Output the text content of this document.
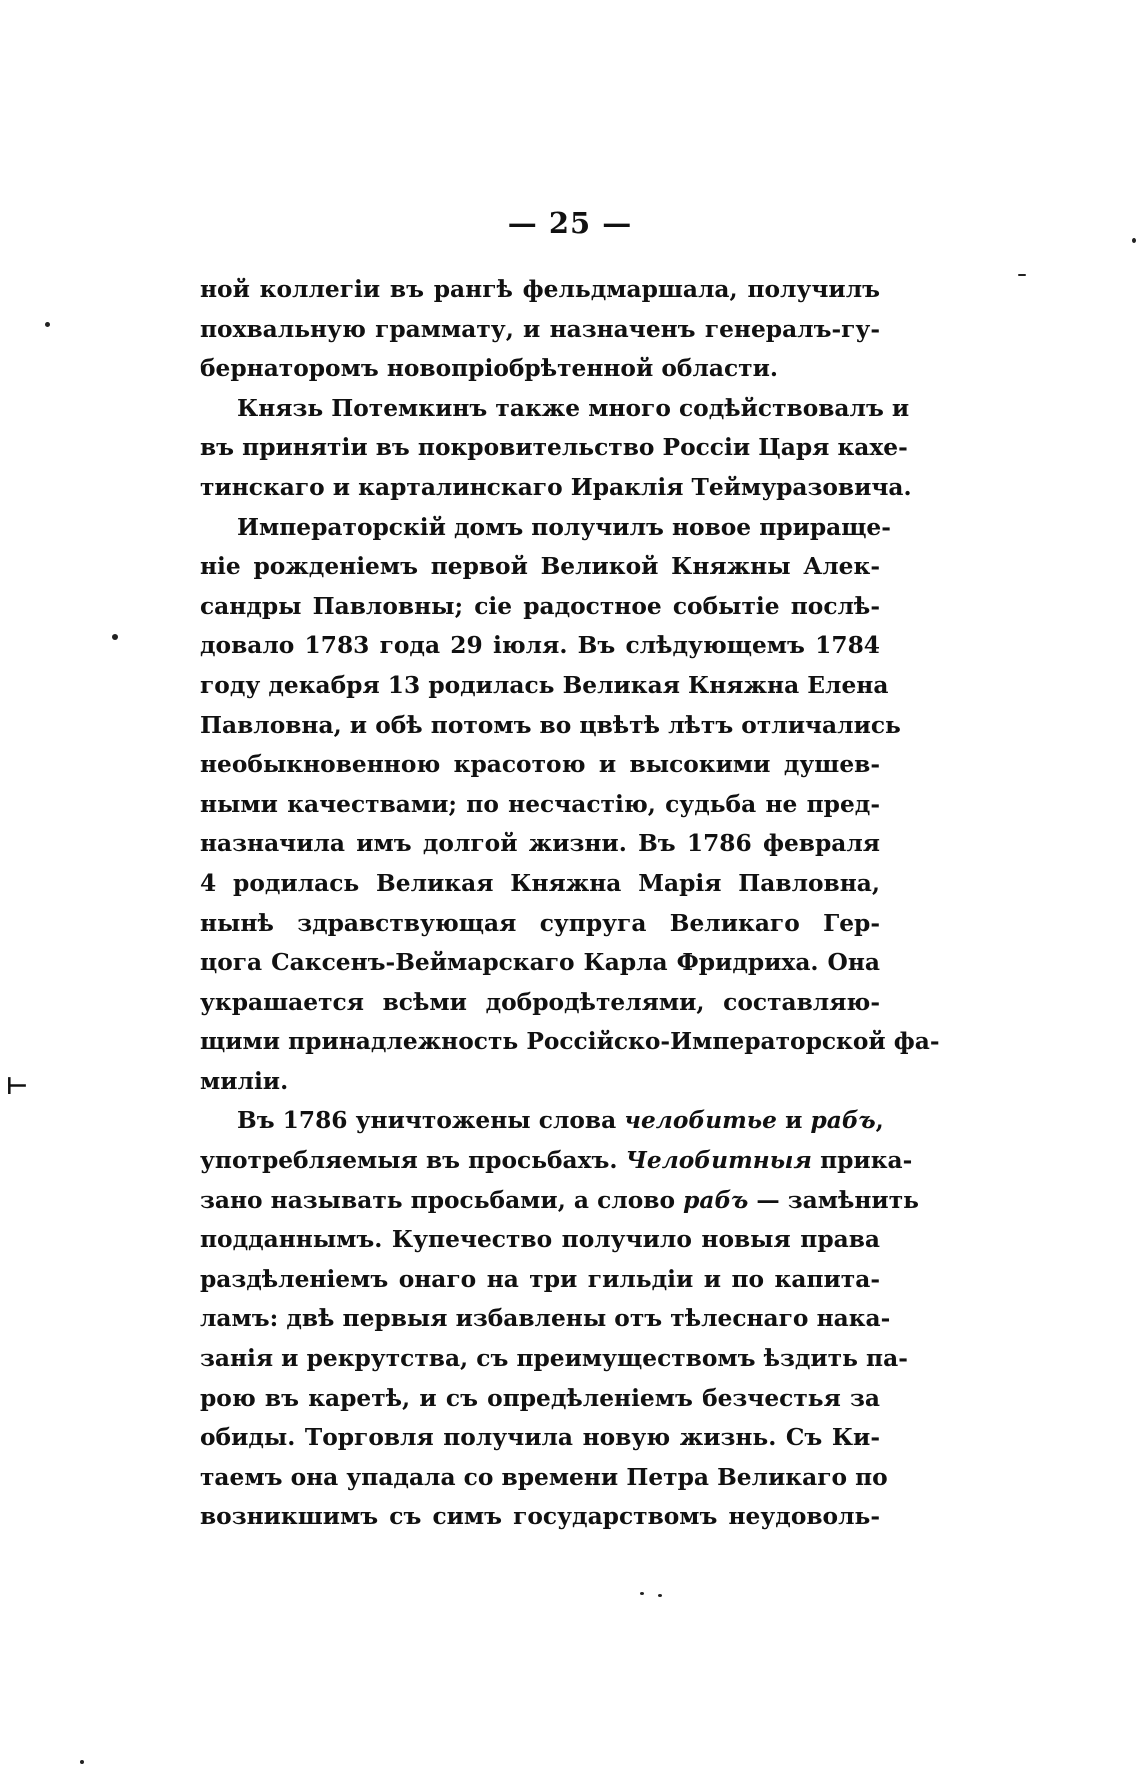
— 25 —
ной коллегіи въ рангѣ фельдмаршала, получилъ
похвальную граммату, и назначенъ генералъ-гу-
бернаторомъ новопріобрѣтенной области.
Князь Потемкинъ также много содѣйствовалъ и
въ принятіи въ покровительство Россіи Царя кахе-
тинскаго и карталинскаго Ираклія Теймуразовича.
Императорскій домъ получилъ новое приращe-
ніе рожденіемъ первой Великой Княжны Алек-
сандры Павловны; сіе радостное событіе послѣ-
довало 1783 года 29 іюля. Въ слѣдующемъ 1784
году декабря 13 родилась Великая Княжна Елена
Павловна, и обѣ потомъ во цвѣтѣ лѣтъ отличались
необыкновенною красотою и высокими душев-
ными качествами; по несчастію, судьба не пред-
назначила имъ долгой жизни. Въ 1786 февраля
4 родилась Великая Княжна Марія Павловна,
нынѣ здравствующая супруга Великаго Гер-
цога Саксенъ-Веймарскаго Карла Фридриха. Она
украшается всѣми добродѣтелями, составляю-
щими принадлежность Россійско-Императорской фа-
миліи.
Въ 1786 уничтожены слова челобитье и рабъ,
употребляемыя въ просьбахъ. Челобитныя прика-
зано называть просьбами, а слово рабъ — замѣнить
подданнымъ. Купечество получило новыя права
раздѣленіемъ онаго на три гильдіи и по капита-
ламъ: двѣ первыя избавлены отъ тѣлеснаго нака-
занія и рекрутства, съ преимуществомъ ѣздить па-
рою въ каретѣ, и съ опредѣленіемъ безчестья за
обиды. Торговля получила новую жизнь. Съ Ки-
таемъ она упадала со времени Петра Великаго по
возникшимъ съ симъ государствомъ неудоволь-
⊢
